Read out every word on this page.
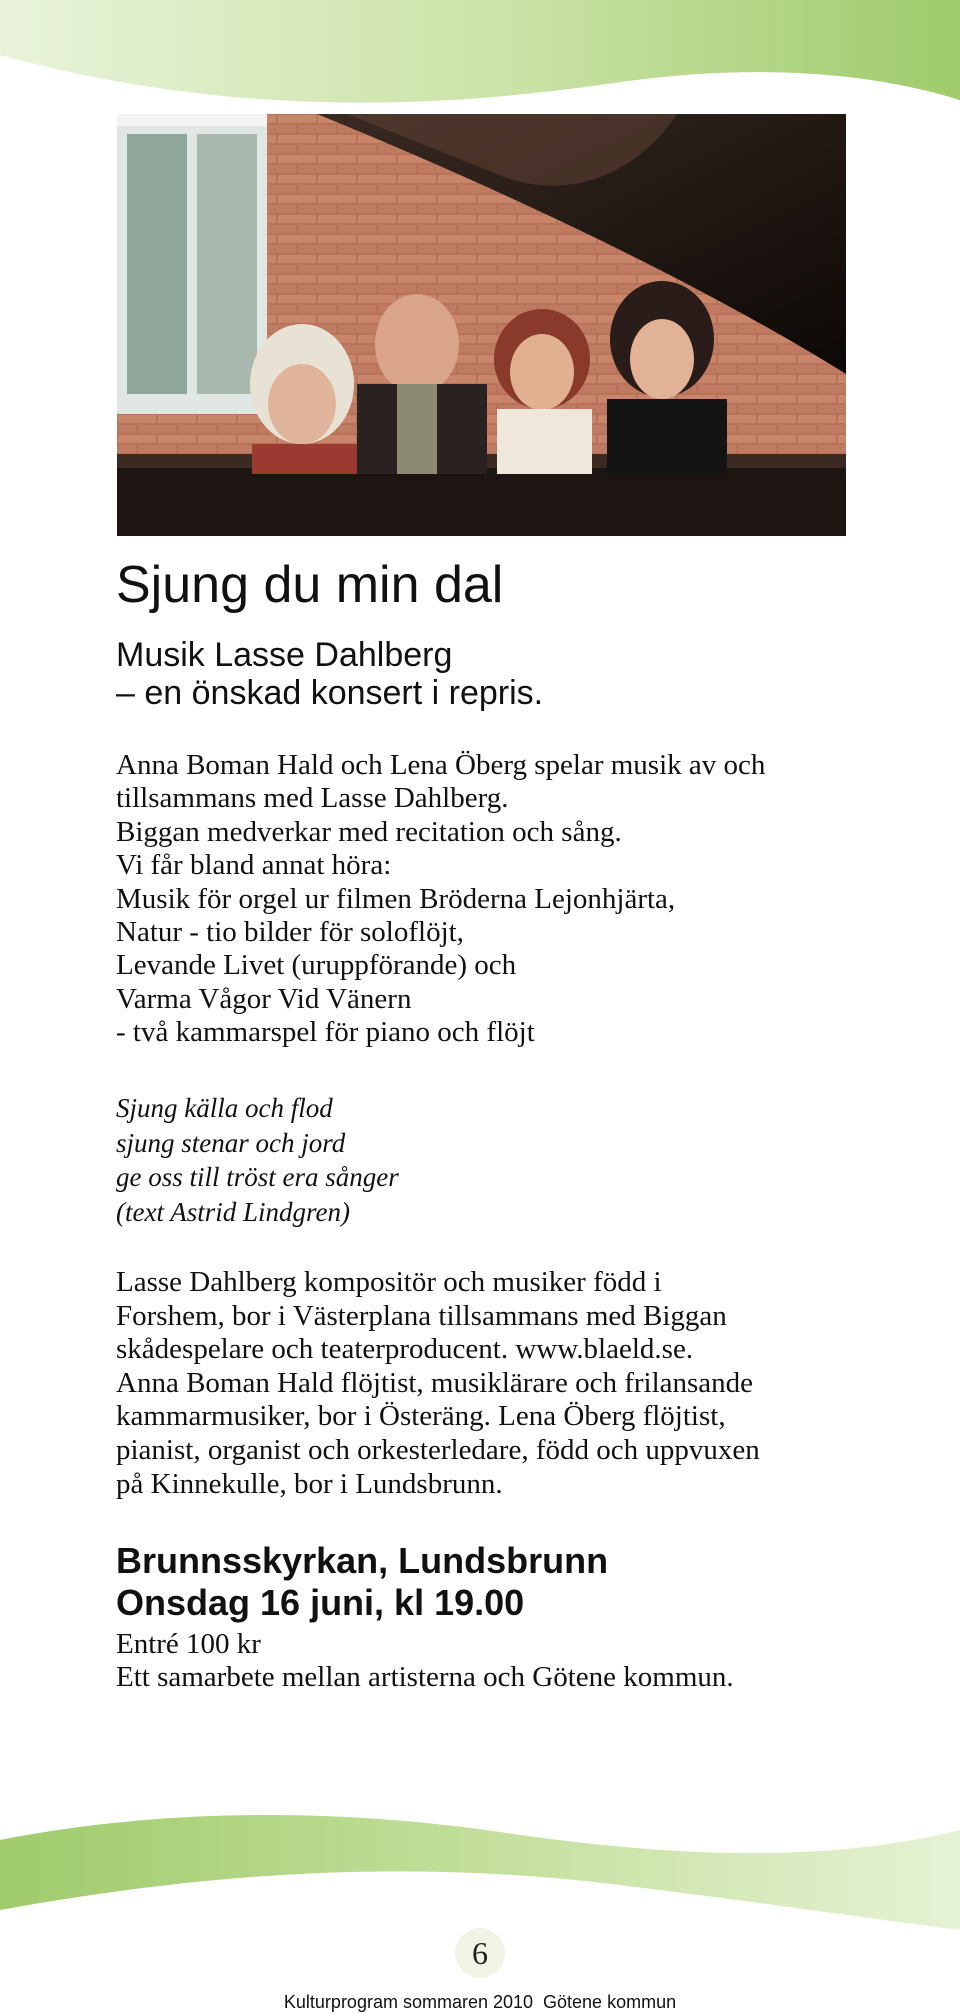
Sjung du min dal
Musik Lasse Dahlberg
– en önskad konsert i repris.
Anna Boman Hald och Lena Öberg spelar musik av och
tillsammans med Lasse Dahlberg.
Biggan medverkar med recitation och sång.
Vi får bland annat höra:
Musik för orgel ur filmen Bröderna Lejonhjärta,
Natur - tio bilder för soloflöjt,
Levande Livet (uruppförande) och
Varma Vågor Vid Vänern
- två kammarspel för piano och flöjt
Sjung källa och flod
sjung stenar och jord
ge oss till tröst era sånger
(text Astrid Lindgren)
Lasse Dahlberg kompositör och musiker född i
Forshem, bor i Västerplana tillsammans med Biggan
skådespelare och teaterproducent. www.blaeld.se.
Anna Boman Hald flöjtist, musiklärare och frilansande
kammarmusiker, bor i Österäng. Lena Öberg flöjtist,
pianist, organist och orkesterledare, född och uppvuxen
på Kinnekulle, bor i Lundsbrunn.
Brunnsskyrkan, Lundsbrunn
Onsdag 16 juni, kl 19.00
Entré 100 kr
Ett samarbete mellan artisterna och Götene kommun.
6
Kulturprogram sommaren 2010  Götene kommun
